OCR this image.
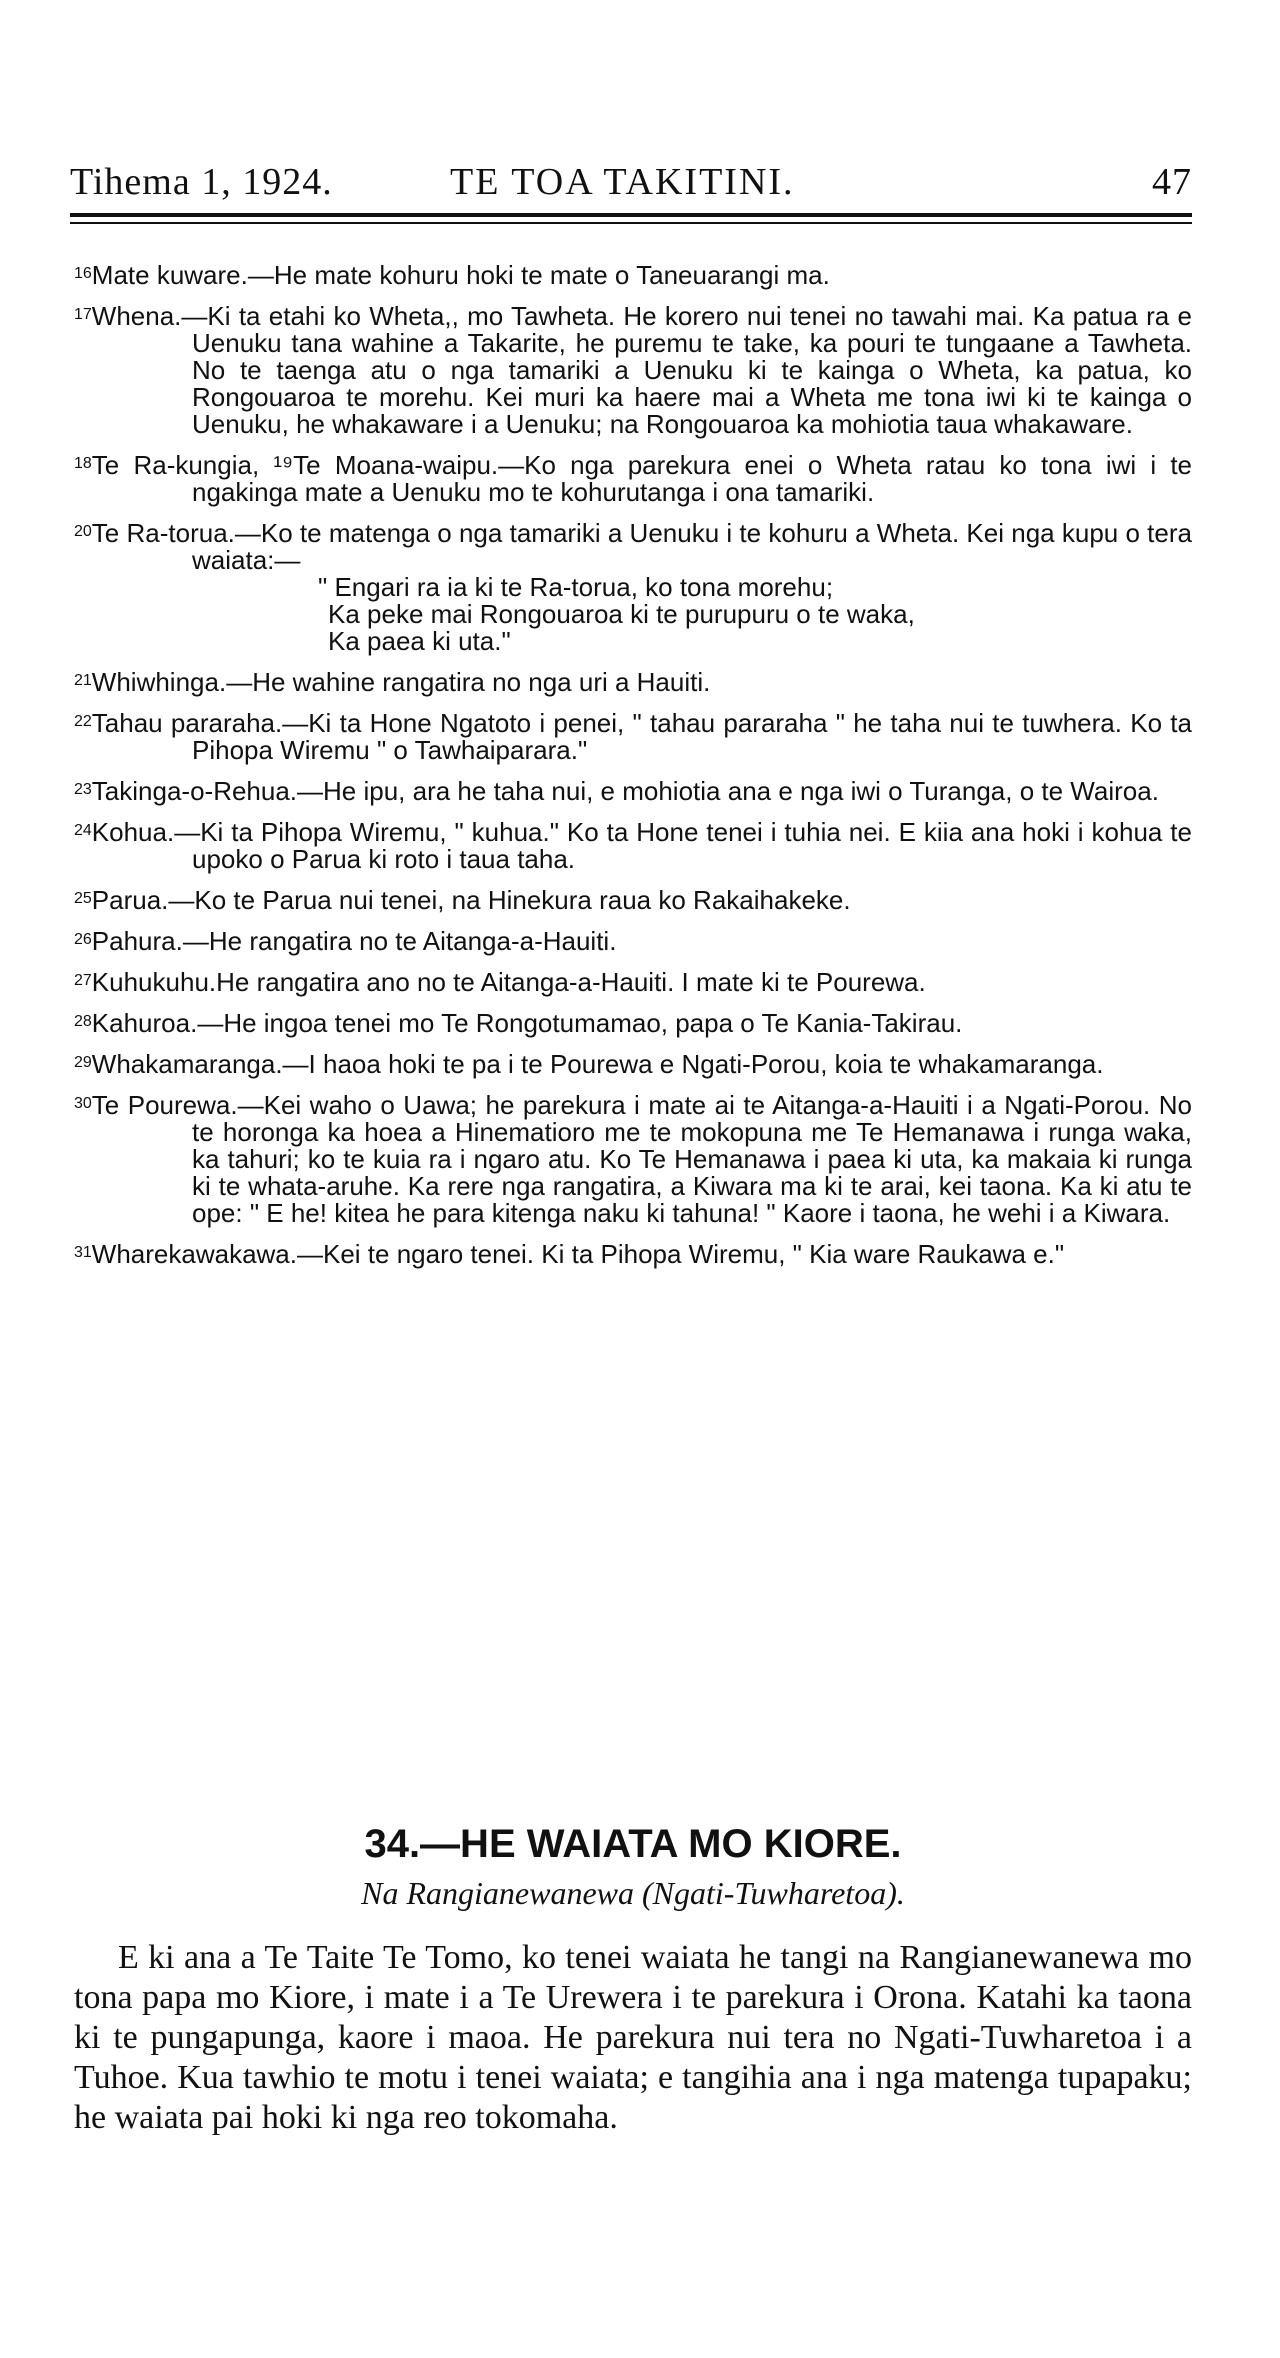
Tihema 1, 1924.	TE TOA TAKITINI.	47

$^{16}$Mate kuware.—He mate kohuru hoki te mate o Taneuarangi ma.

$^{17}$Whena.—Ki ta etahi ko Wheta,, mo Tawheta. He korero nui tenei no tawahi mai. Ka patua ra e Uenuku tana wahine a Takarite, he puremu te take, ka pouri te tungaane a Tawheta. No te taenga atu o nga tamariki a Uenuku ki te kainga o Wheta, ka patua, ko Rongouaroa te morehu. Kei muri ka haere mai a Wheta me tona iwi ki te kainga o Uenuku, he whakaware i a Uenuku; na Rongouaroa ka mohiotia taua whakaware.

$^{18}$Te Ra-kungia, ¹⁹Te Moana-waipu.—Ko nga parekura enei o Wheta ratau ko tona iwi i te ngakinga mate a Uenuku mo te kohurutanga i ona tamariki.

$^{20}$Te Ra-torua.—Ko te matenga o nga tamariki a Uenuku i te kohuru a Wheta. Kei nga kupu o tera waiata:—
" Engari ra ia ki te Ra-torua, ko tona morehu;
Ka peke mai Rongouaroa ki te purupuru o te waka,
Ka paea ki uta."

$^{21}$Whiwhinga.—He wahine rangatira no nga uri a Hauiti.

$^{22}$Tahau pararaha.—Ki ta Hone Ngatoto i penei, " tahau pararaha " he taha nui te tuwhera. Ko ta Pihopa Wiremu " o Tawhaipararа."

$^{23}$Takinga-o-Rehua.—He ipu, ara he taha nui, e mohiotia ana e nga iwi o Turanga, o te Wairoa.

$^{24}$Kohua.—Ki ta Pihopa Wiremu, " kuhua." Ko ta Hone tenei i tuhia nei. E kiia ana hoki i kohua te upoko o Parua ki roto i taua taha.

$^{25}$Parua.—Ko te Parua nui tenei, na Hinekura raua ko Rakaihakeke.

$^{26}$Pahura.—He rangatira no te Aitanga-a-Hauiti.

$^{27}$Kuhukuhu.He rangatira ano no te Aitanga-a-Hauiti. I mate ki te Pourewa.

$^{28}$Kahuroa.—He ingoa tenei mo Te Rongotumamao, papa o Te Kania-Takirau.

$^{29}$Whakamaranga.—I haoa hoki te pa i te Pourewa e Ngati-Porou, koia te whakamaranga.

$^{30}$Te Pourewa.—Kei waho o Uawa; he parekura i mate ai te Aitanga-a-Hauiti i a Ngati-Porou. No te horonga ka hoea a Hinematioro me te mokopuna me Te Hemanawa i runga waka, ka tahuri; ko te kuia ra i ngaro atu. Ko Te Hemanawa i paea ki uta, ka makaia ki runga ki te whata-aruhe. Ka rere nga rangatira, a Kiwara ma ki te arai, kei taona. Ka ki atu te ope: " E he! kitea he para kitenga naku ki tahuna! " Kaore i taona, he wehi i a Kiwara.

$^{31}$Wharekawakawa.—Kei te ngaro tenei. Ki ta Pihopa Wiremu, " Kia ware Raukawa e."

34.—HE WAIATA MO KIORE.
Na Rangianewanewa (Ngati-Tuwharetoa).

E ki ana a Te Taite Te Tomo, ko tenei waiata he tangi na Rangianewanewa mo tona papa mo Kiore, i mate i a Te Urewera i te parekura i Orona. Katahi ka taona ki te pungapunga, kaore i maoa. He parekura nui tera no Ngati-Tuwharetoa i a Tuhoe. Kua tawhio te motu i tenei waiata; e tangihia ana i nga matenga tupapaku; he waiata pai hoki ki nga reo tokomaha.
